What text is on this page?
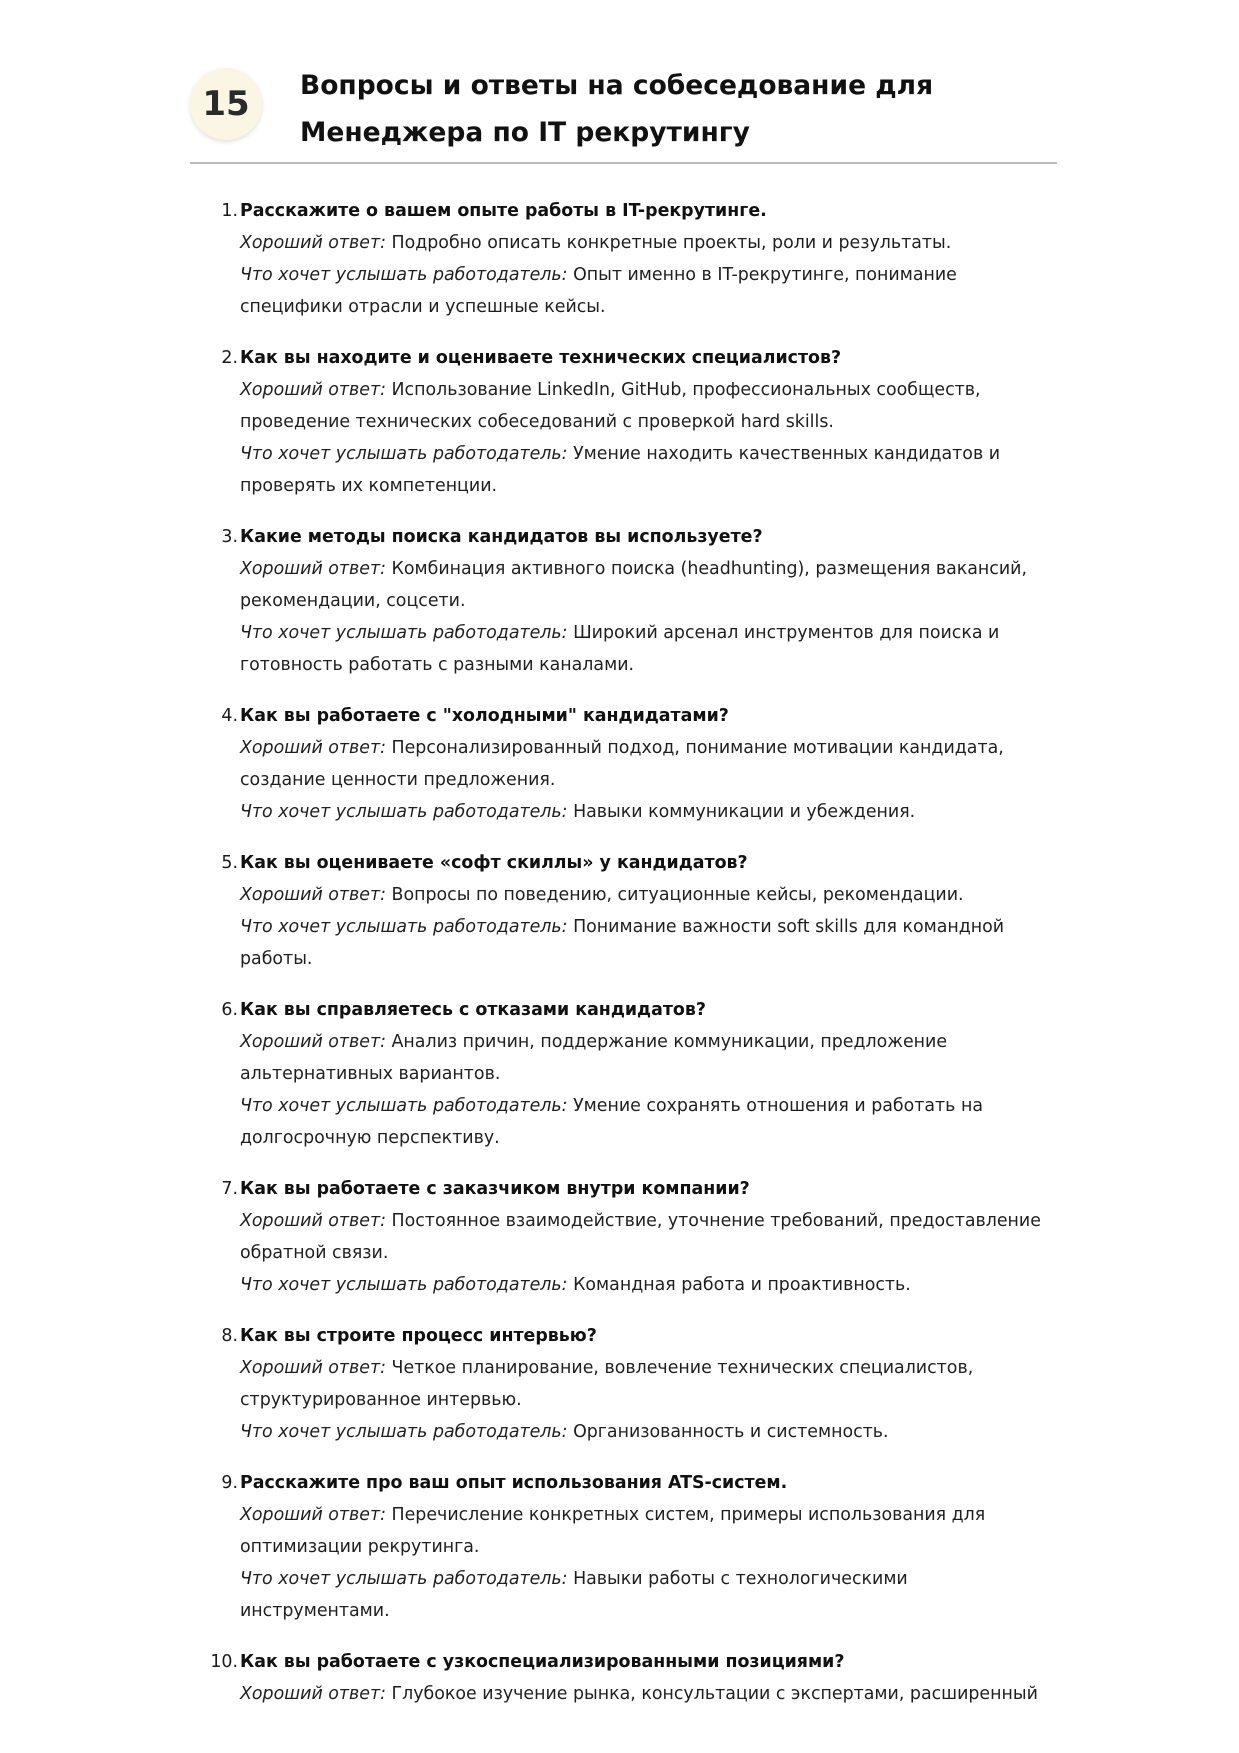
15	Вопросы и ответы на собеседование для
Менеджера по IT рекрутингу
1. Расскажите о вашем опыте работы в IT-рекрутинге.
Хороший ответ: Подробно описать конкретные проекты, роли и результаты.
Что хочет услышать работодатель: Опыт именно в IT-рекрутинге, понимание специфики отрасли и успешные кейсы.
2. Как вы находите и оцениваете технических специалистов?
Хороший ответ: Использование LinkedIn, GitHub, профессиональных сообществ, проведение технических собеседований с проверкой hard skills.
Что хочет услышать работодатель: Умение находить качественных кандидатов и проверять их компетенции.
3. Какие методы поиска кандидатов вы используете?
Хороший ответ: Комбинация активного поиска (headhunting), размещения вакансий, рекомендации, соцсети.
Что хочет услышать работодатель: Широкий арсенал инструментов для поиска и готовность работать с разными каналами.
4. Как вы работаете с "холодными" кандидатами?
Хороший ответ: Персонализированный подход, понимание мотивации кандидата, создание ценности предложения.
Что хочет услышать работодатель: Навыки коммуникации и убеждения.
5. Как вы оцениваете «софт скиллы» у кандидатов?
Хороший ответ: Вопросы по поведению, ситуационные кейсы, рекомендации.
Что хочет услышать работодатель: Понимание важности soft skills для командной работы.
6. Как вы справляетесь с отказами кандидатов?
Хороший ответ: Анализ причин, поддержание коммуникации, предложение альтернативных вариантов.
Что хочет услышать работодатель: Умение сохранять отношения и работать на долгосрочную перспективу.
7. Как вы работаете с заказчиком внутри компании?
Хороший ответ: Постоянное взаимодействие, уточнение требований, предоставление обратной связи.
Что хочет услышать работодатель: Командная работа и проактивность.
8. Как вы строите процесс интервью?
Хороший ответ: Четкое планирование, вовлечение технических специалистов, структурированное интервью.
Что хочет услышать работодатель: Организованность и системность.
9. Расскажите про ваш опыт использования ATS-систем.
Хороший ответ: Перечисление конкретных систем, примеры использования для оптимизации рекрутинга.
Что хочет услышать работодатель: Навыки работы с технологическими инструментами.
10. Как вы работаете с узкоспециализированными позициями?
Хороший ответ: Глубокое изучение рынка, консультации с экспертами, расширенный
